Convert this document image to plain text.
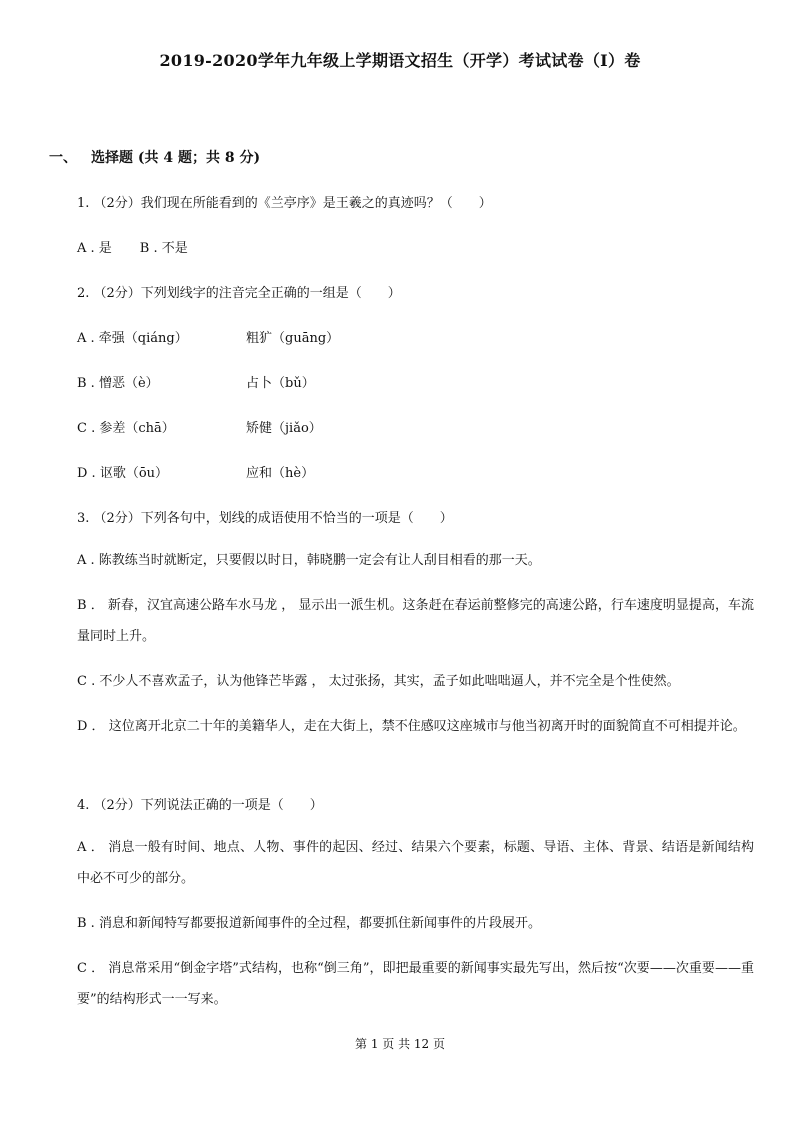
2019-2020学年九年级上学期语文招生（开学）考试试卷（I）卷
一、 选择题 (共 4 题；共 8 分)
1. （2分）我们现在所能看到的《兰亭序》是王羲之的真迹吗？（　　）
A . 是 B . 不是
2. （2分）下列划线字的注音完全正确的一组是（　　）
A . 牵强（qiáng）	粗犷（guāng）
B . 憎恶（è）	占卜（bǔ）
C . 参差（chā）	矫健（jiǎo）
D . 讴歌（ōu）	应和（hè）
3. （2分）下列各句中，划线的成语使用不恰当的一项是（　　）
A . 陈教练当时就断定，只要假以时日，韩晓鹏一定会有让人刮目相看的那一天。
B ． 新春，汉宜高速公路车水马龙 ， 显示出一派生机。这条赶在春运前整修完的高速公路，行车速度明显提高，车流量同时上升。
C . 不少人不喜欢孟子，认为他锋芒毕露 ， 太过张扬，其实，孟子如此咄咄逼人，并不完全是个性使然。
D ． 这位离开北京二十年的美籍华人，走在大街上，禁不住感叹这座城市与他当初离开时的面貌简直不可相提并论。
4. （2分）下列说法正确的一项是（　　）
A ． 消息一般有时间、地点、人物、事件的起因、经过、结果六个要素，标题、导语、主体、背景、结语是新闻结构中必不可少的部分。
B . 消息和新闻特写都要报道新闻事件的全过程，都要抓住新闻事件的片段展开。
C ． 消息常采用“倒金字塔”式结构，也称“倒三角”，即把最重要的新闻事实最先写出，然后按“次要——次重要——重要”的结构形式一一写来。
第 1 页 共 12 页
